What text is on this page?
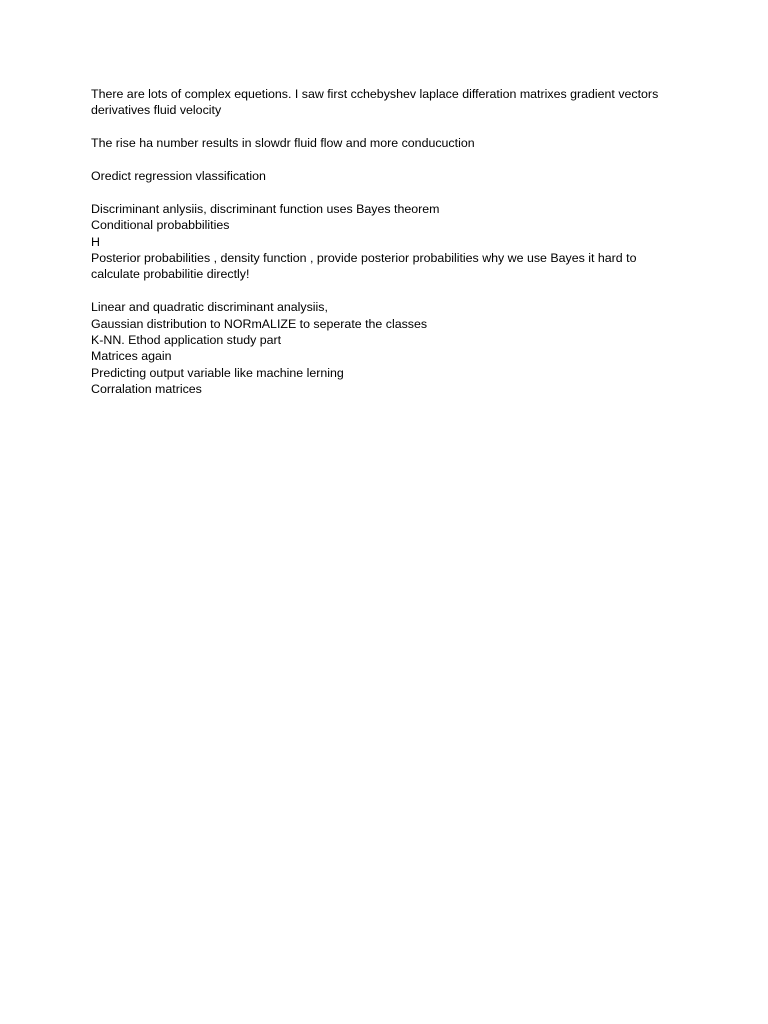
There are lots of complex equetions. I saw first cchebyshev laplace differation matrixes gradient vectors derivatives fluid velocity

The rise ha number results in slowdr fluid flow and more conducuction

Oredict regression vlassification

Discriminant anlysiis, discriminant function uses Bayes theorem

Conditional probabbilities

H

Posterior probabilities , density function , provide posterior probabilities why we use Bayes it hard to calculate probabilitie directly!

Linear and quadratic discriminant analysiis,

Gaussian distribution to NORmALIZE to seperate the classes

K-NN. Ethod application study part

Matrices again

Predicting output variable like machine lerning

Corralation matrices
